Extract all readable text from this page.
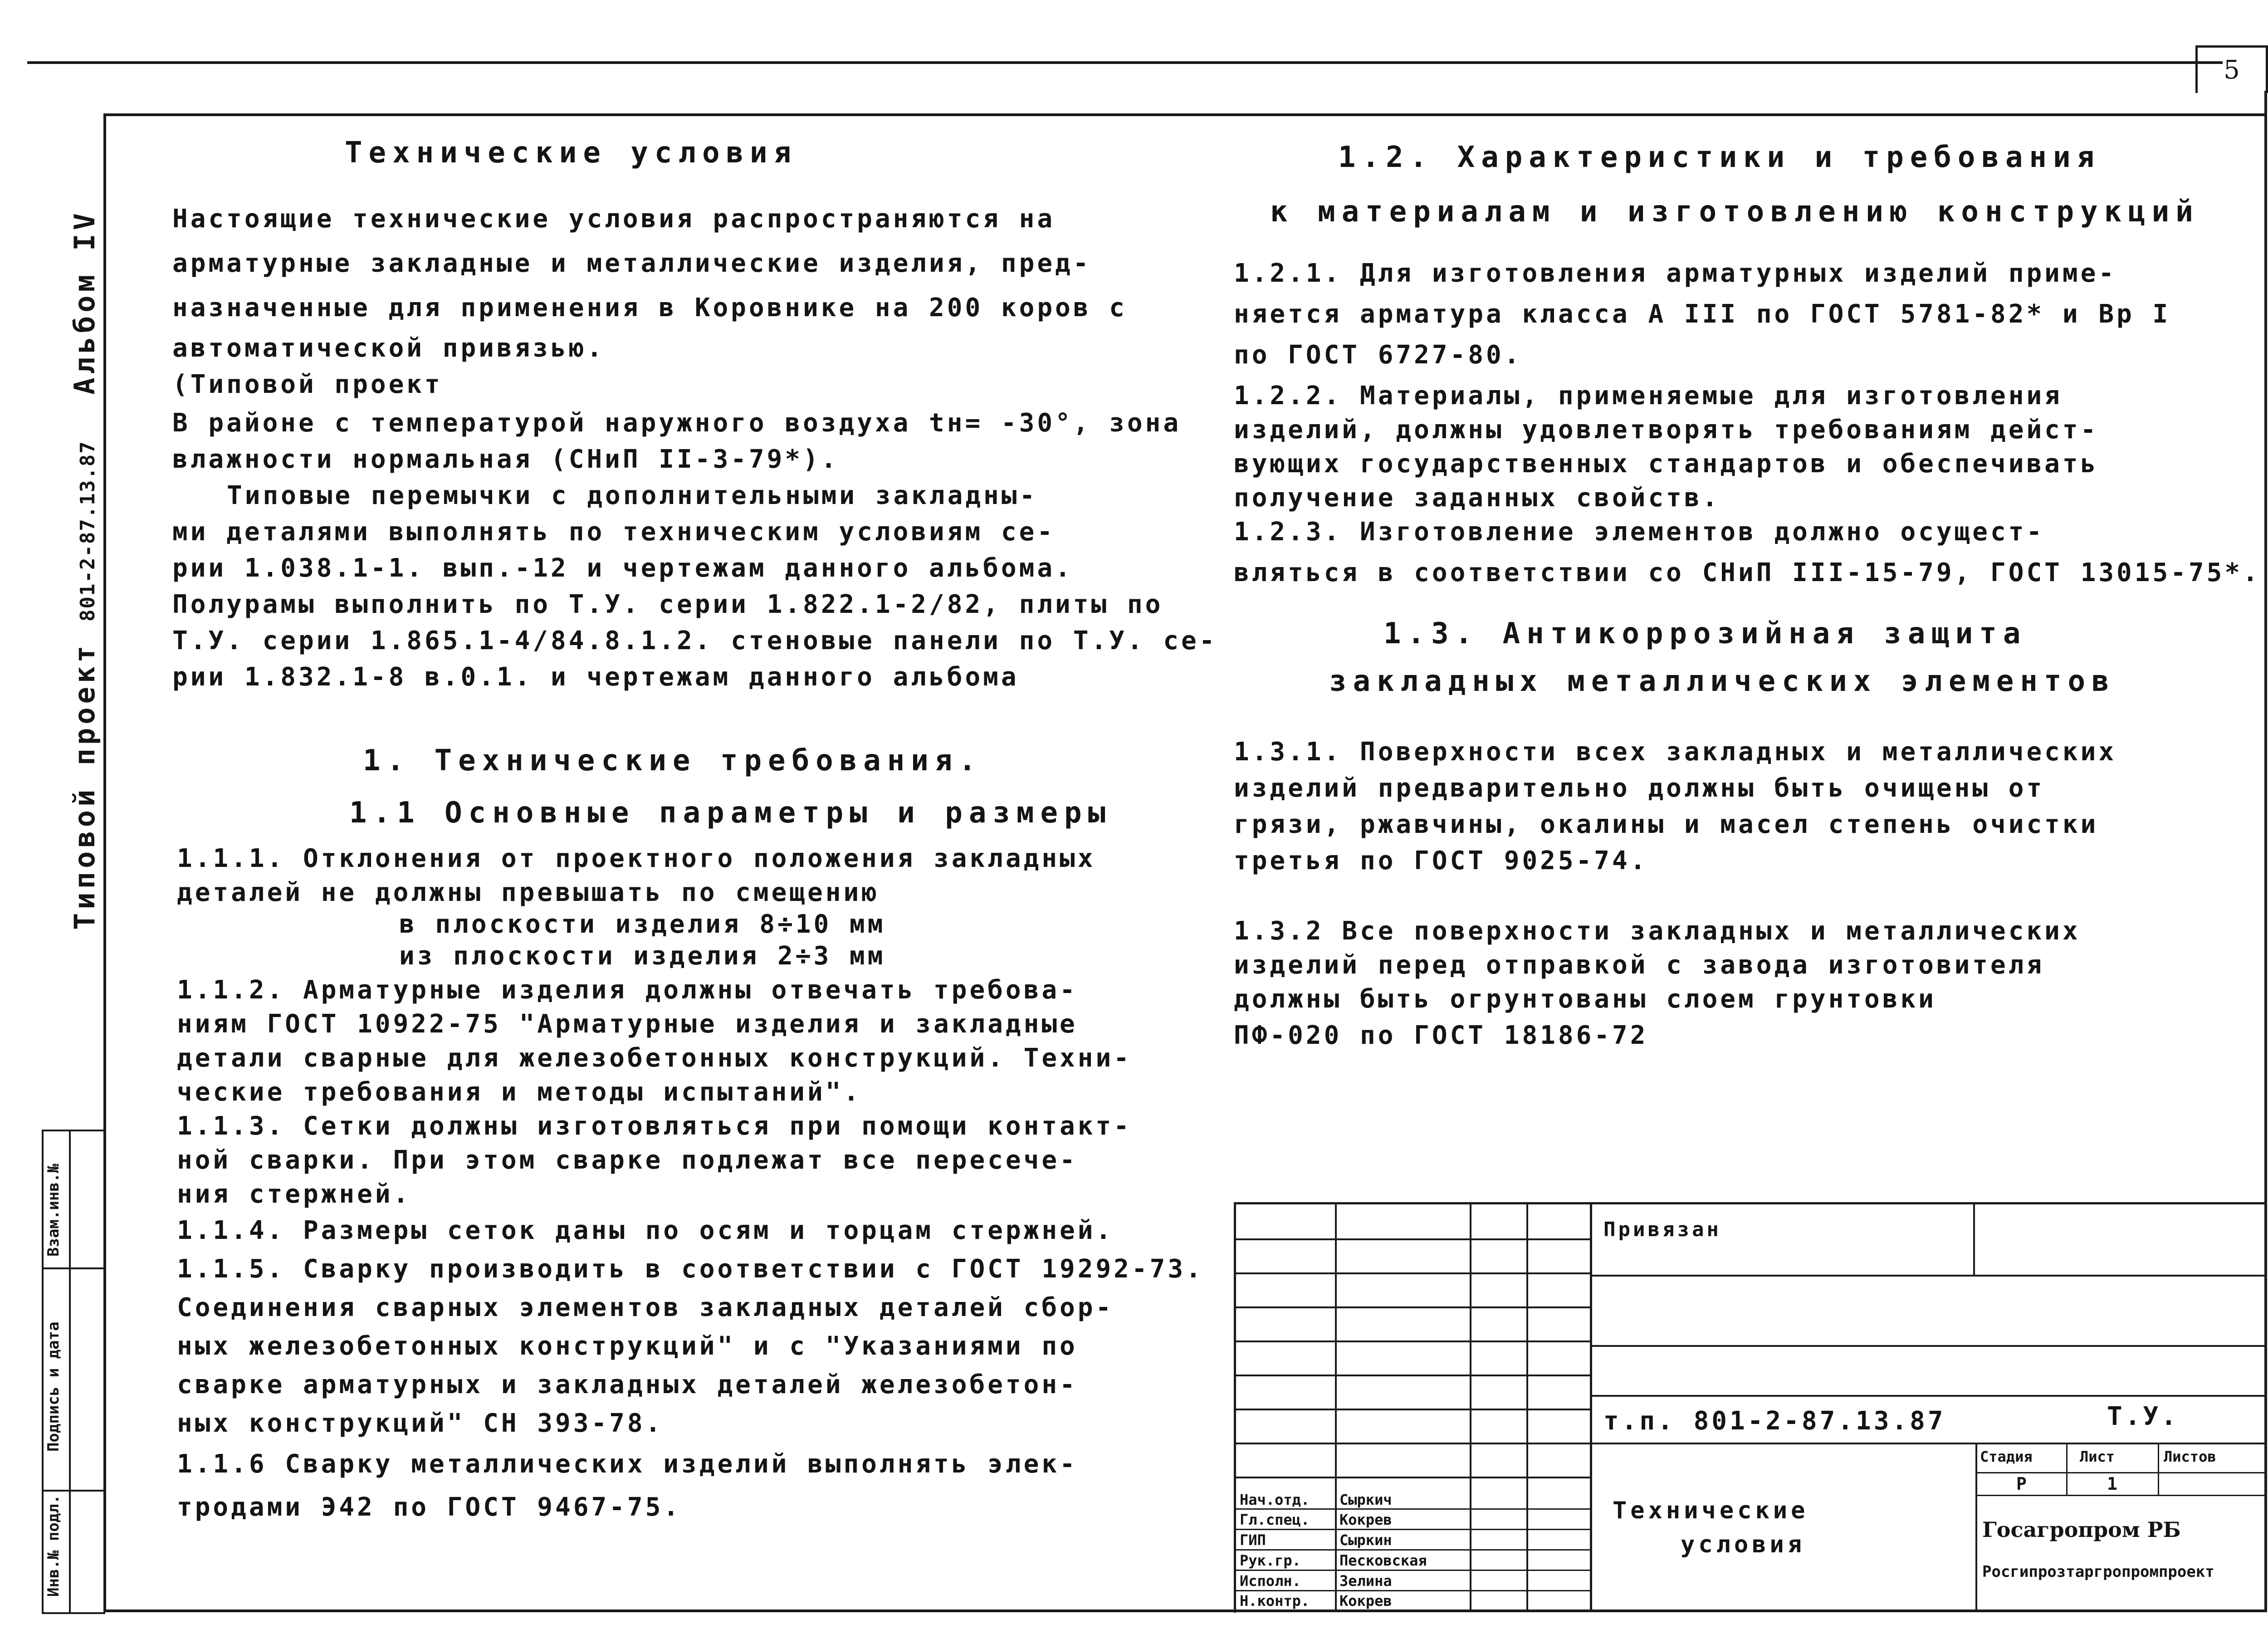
5
Типовой проект 801-2-87.13.87
Альбом IV
Взам.инв.№
Подпись и дата
Инв.№ подл.
Технические условия
Настоящие технические условия распространяются на
арматурные закладные и металлические изделия, пред-
назначенные для применения в Коровнике на 200 коров с
автоматической привязью.
(Типовой проект
В районе с температурой наружного воздуха tн= -30°, зона
влажности нормальная (СНиП II-3-79*).
Типовые перемычки с дополнительными закладны-
ми деталями выполнять по техническим условиям се-
рии 1.038.1-1. вып.-12 и чертежам данного альбома.
Полурамы выполнить по Т.У. серии 1.822.1-2/82, плиты по
Т.У. серии 1.865.1-4/84.8.1.2. стеновые панели по Т.У. се-
рии 1.832.1-8 в.0.1. и чертежам данного альбома
1. Технические требования.
1.1 Основные параметры и размеры
1.1.1. Отклонения от проектного положения закладных
деталей не должны превышать по смещению
в плоскости изделия 8÷10 мм
из плоскости изделия 2÷3 мм
1.1.2. Арматурные изделия должны отвечать требова-
ниям ГОСТ 10922-75 "Арматурные изделия и закладные
детали сварные для железобетонных конструкций. Техни-
ческие требования и методы испытаний".
1.1.3. Сетки должны изготовляться при помощи контакт-
ной сварки. При этом сварке подлежат все пересече-
ния стержней.
1.1.4. Размеры сеток даны по осям и торцам стержней.
1.1.5. Сварку производить в соответствии с ГОСТ 19292-73.
Соединения сварных элементов закладных деталей сбор-
ных железобетонных конструкций" и с "Указаниями по
сварке арматурных и закладных деталей железобетон-
ных конструкций" СН 393-78.
1.1.6 Сварку металлических изделий выполнять элек-
тродами Э42 по ГОСТ 9467-75.
1.2. Характеристики и требования
к материалам и изготовлению конструкций
1.2.1. Для изготовления арматурных изделий приме-
няется арматура класса А III по ГОСТ 5781-82* и Вр I
по ГОСТ 6727-80.
1.2.2. Материалы, применяемые для изготовления
изделий, должны удовлетворять требованиям дейст-
вующих государственных стандартов и обеспечивать
получение заданных свойств.
1.2.3. Изготовление элементов должно осущест-
вляться в соответствии со СНиП III-15-79, ГОСТ 13015-75*.
1.3. Антикоррозийная защита
закладных металлических элементов
1.3.1. Поверхности всех закладных и металлических
изделий предварительно должны быть очищены от
грязи, ржавчины, окалины и масел степень очистки
третья по ГОСТ 9025-74.
1.3.2 Все поверхности закладных и металлических
изделий перед отправкой с завода изготовителя
должны быть огрунтованы слоем грунтовки
ПФ-020 по ГОСТ 18186-72
Привязан
т.п. 801-2-87.13.87	Т.У.
Технические
условия
Стадия	Лист	Листов
Р	1
Госагропром РБ
Росгипрозтаргропромпроект
Нач.отд. Сыркич
Гл.спец. Кокрев
ГИП	Сыркин
Рук.гр.	Песковская
Исполн.	Зелина
Н.контр. Кокрев
